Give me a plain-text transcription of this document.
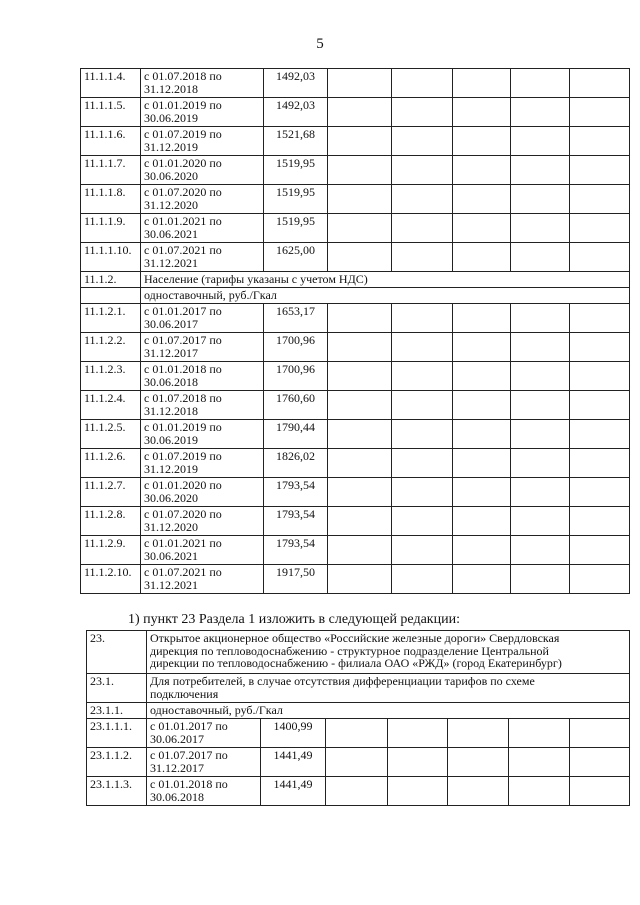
5
11.1.1.4.	с 01.07.2018 по
31.12.2018	1492,03					
11.1.1.5.	с 01.01.2019 по
30.06.2019	1492,03					
11.1.1.6.	с 01.07.2019 по
31.12.2019	1521,68					
11.1.1.7.	с 01.01.2020 по
30.06.2020	1519,95					
11.1.1.8.	с 01.07.2020 по
31.12.2020	1519,95					
11.1.1.9.	с 01.01.2021 по
30.06.2021	1519,95					
11.1.1.10.	с 01.07.2021 по
31.12.2021	1625,00					
11.1.2.	Население (тарифы указаны с учетом НДС)						
	одноставочный, руб./Гкал						
11.1.2.1.	с 01.01.2017 по
30.06.2017	1653,17					
11.1.2.2.	с 01.07.2017 по
31.12.2017	1700,96					
11.1.2.3.	с 01.01.2018 по
30.06.2018	1700,96					
11.1.2.4.	с 01.07.2018 по
31.12.2018	1760,60					
11.1.2.5.	с 01.01.2019 по
30.06.2019	1790,44					
11.1.2.6.	с 01.07.2019 по
31.12.2019	1826,02					
11.1.2.7.	с 01.01.2020 по
30.06.2020	1793,54					
11.1.2.8.	с 01.07.2020 по
31.12.2020	1793,54					
11.1.2.9.	с 01.01.2021 по
30.06.2021	1793,54					
11.1.2.10.	с 01.07.2021 по
31.12.2021	1917,50					
1) пункт 23 Раздела 1 изложить в следующей редакции:
23.	Открытое акционерное общество «Российские железные дороги» Свердловская
дирекция по тепловодоснабжению - структурное подразделение Центральной
дирекции по тепловодоснабжению - филиала ОАО «РЖД» (город Екатеринбург)						
23.1.	Для потребителей, в случае отсутствия дифференциации тарифов по схеме
подключения						
23.1.1.	одноставочный, руб./Гкал						
23.1.1.1.	с 01.01.2017 по
30.06.2017	1400,99					
23.1.1.2.	с 01.07.2017 по
31.12.2017	1441,49					
23.1.1.3.	с 01.01.2018 по
30.06.2018	1441,49					
